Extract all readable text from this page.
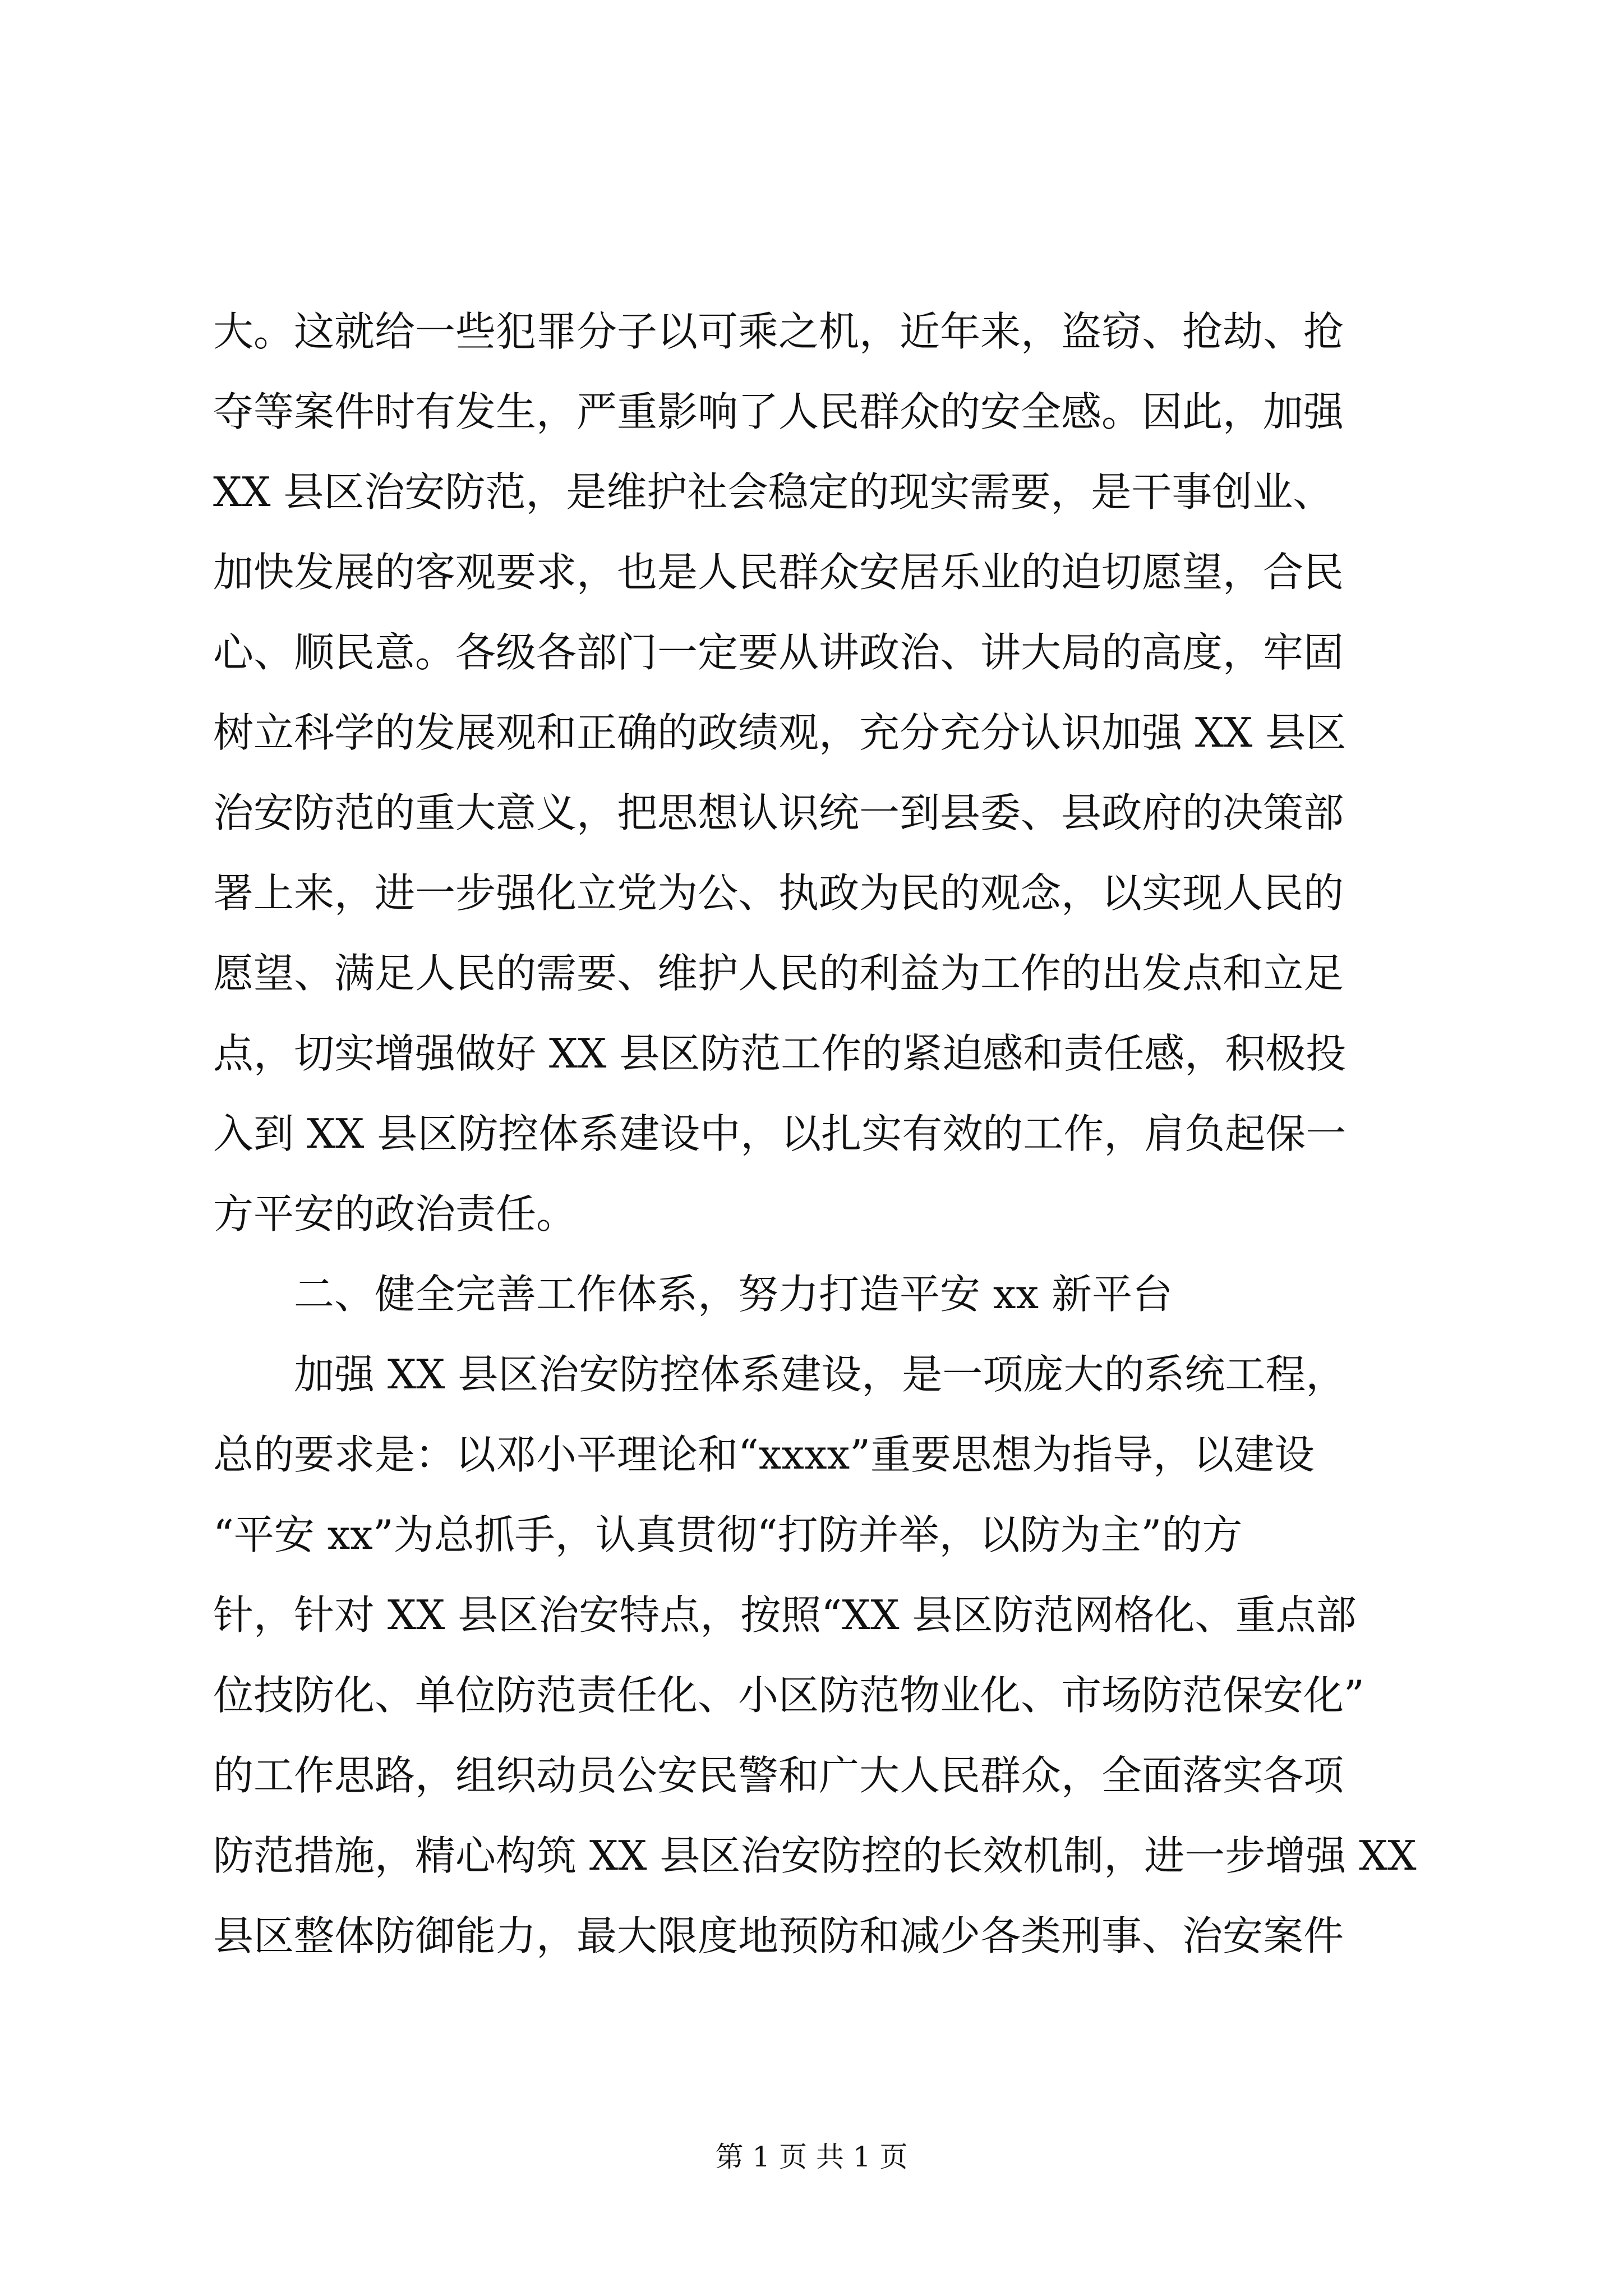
大。这就给一些犯罪分子以可乘之机，近年来，盗窃、抢劫、抢
夺等案件时有发生，严重影响了人民群众的安全感。因此，加强
XX 县区治安防范，是维护社会稳定的现实需要，是干事创业、
加快发展的客观要求，也是人民群众安居乐业的迫切愿望，合民
心、顺民意。各级各部门一定要从讲政治、讲大局的高度，牢固
树立科学的发展观和正确的政绩观，充分充分认识加强 XX 县区
治安防范的重大意义，把思想认识统一到县委、县政府的决策部
署上来，进一步强化立党为公、执政为民的观念，以实现人民的
愿望、满足人民的需要、维护人民的利益为工作的出发点和立足
点，切实增强做好 XX 县区防范工作的紧迫感和责任感，积极投
入到 XX 县区防控体系建设中，以扎实有效的工作，肩负起保一
方平安的政治责任。
二、健全完善工作体系，努力打造平安 xx 新平台
加强 XX 县区治安防控体系建设，是一项庞大的系统工程，
总的要求是：以邓小平理论和“xxxx”重要思想为指导，以建设
“平安 xx”为总抓手，认真贯彻“打防并举，以防为主”的方
针，针对 XX 县区治安特点，按照“XX 县区防范网格化、重点部
位技防化、单位防范责任化、小区防范物业化、市场防范保安化”
的工作思路，组织动员公安民警和广大人民群众，全面落实各项
防范措施，精心构筑 XX 县区治安防控的长效机制，进一步增强 XX
县区整体防御能力，最大限度地预防和减少各类刑事、治安案件
第 1 页 共 1 页
